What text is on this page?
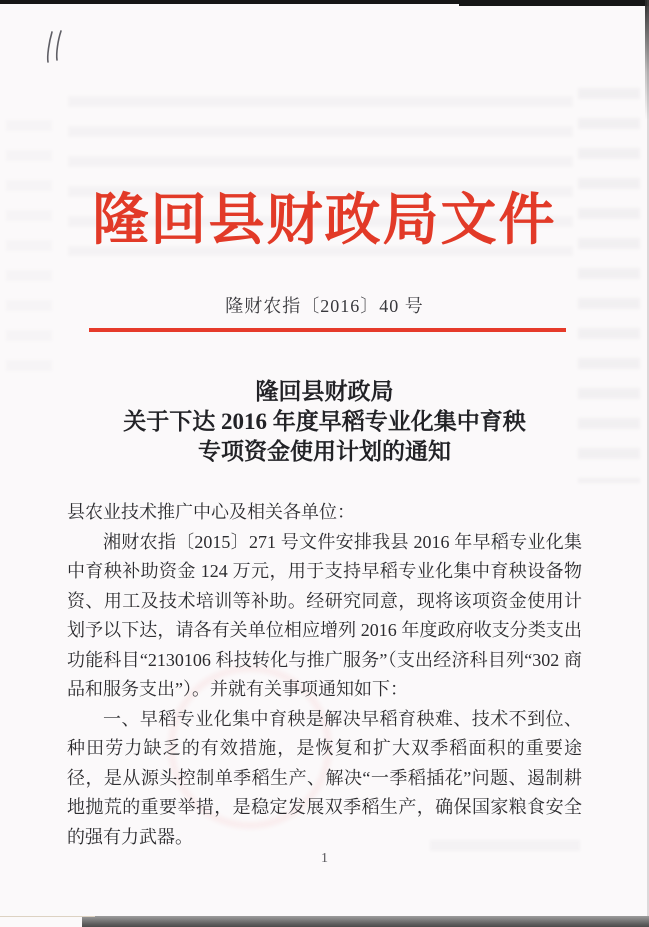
隆回县财政局文件
隆财农指〔2016〕40 号
隆回县财政局
关于下达 2016 年度早稻专业化集中育秧
专项资金使用计划的通知

县农业技术推广中心及相关各单位：

湘财农指〔2015〕271 号文件安排我县 2016 年早稻专业化集中育秧补助资金 124 万元，用于支持早稻专业化集中育秧设备物资、用工及技术培训等补助。经研究同意，现将该项资金使用计划予以下达，请各有关单位相应增列 2016 年度政府收支分类支出功能科目“2130106 科技转化与推广服务”（支出经济科目列“302 商品和服务支出”）。并就有关事项通知如下：

一、早稻专业化集中育秧是解决早稻育秧难、技术不到位、种田劳力缺乏的有效措施，是恢复和扩大双季稻面积的重要途径，是从源头控制单季稻生产、解决“一季稻插花”问题、遏制耕地抛荒的重要举措，是稳定发展双季稻生产，确保国家粮食安全的强有力武器。

1
